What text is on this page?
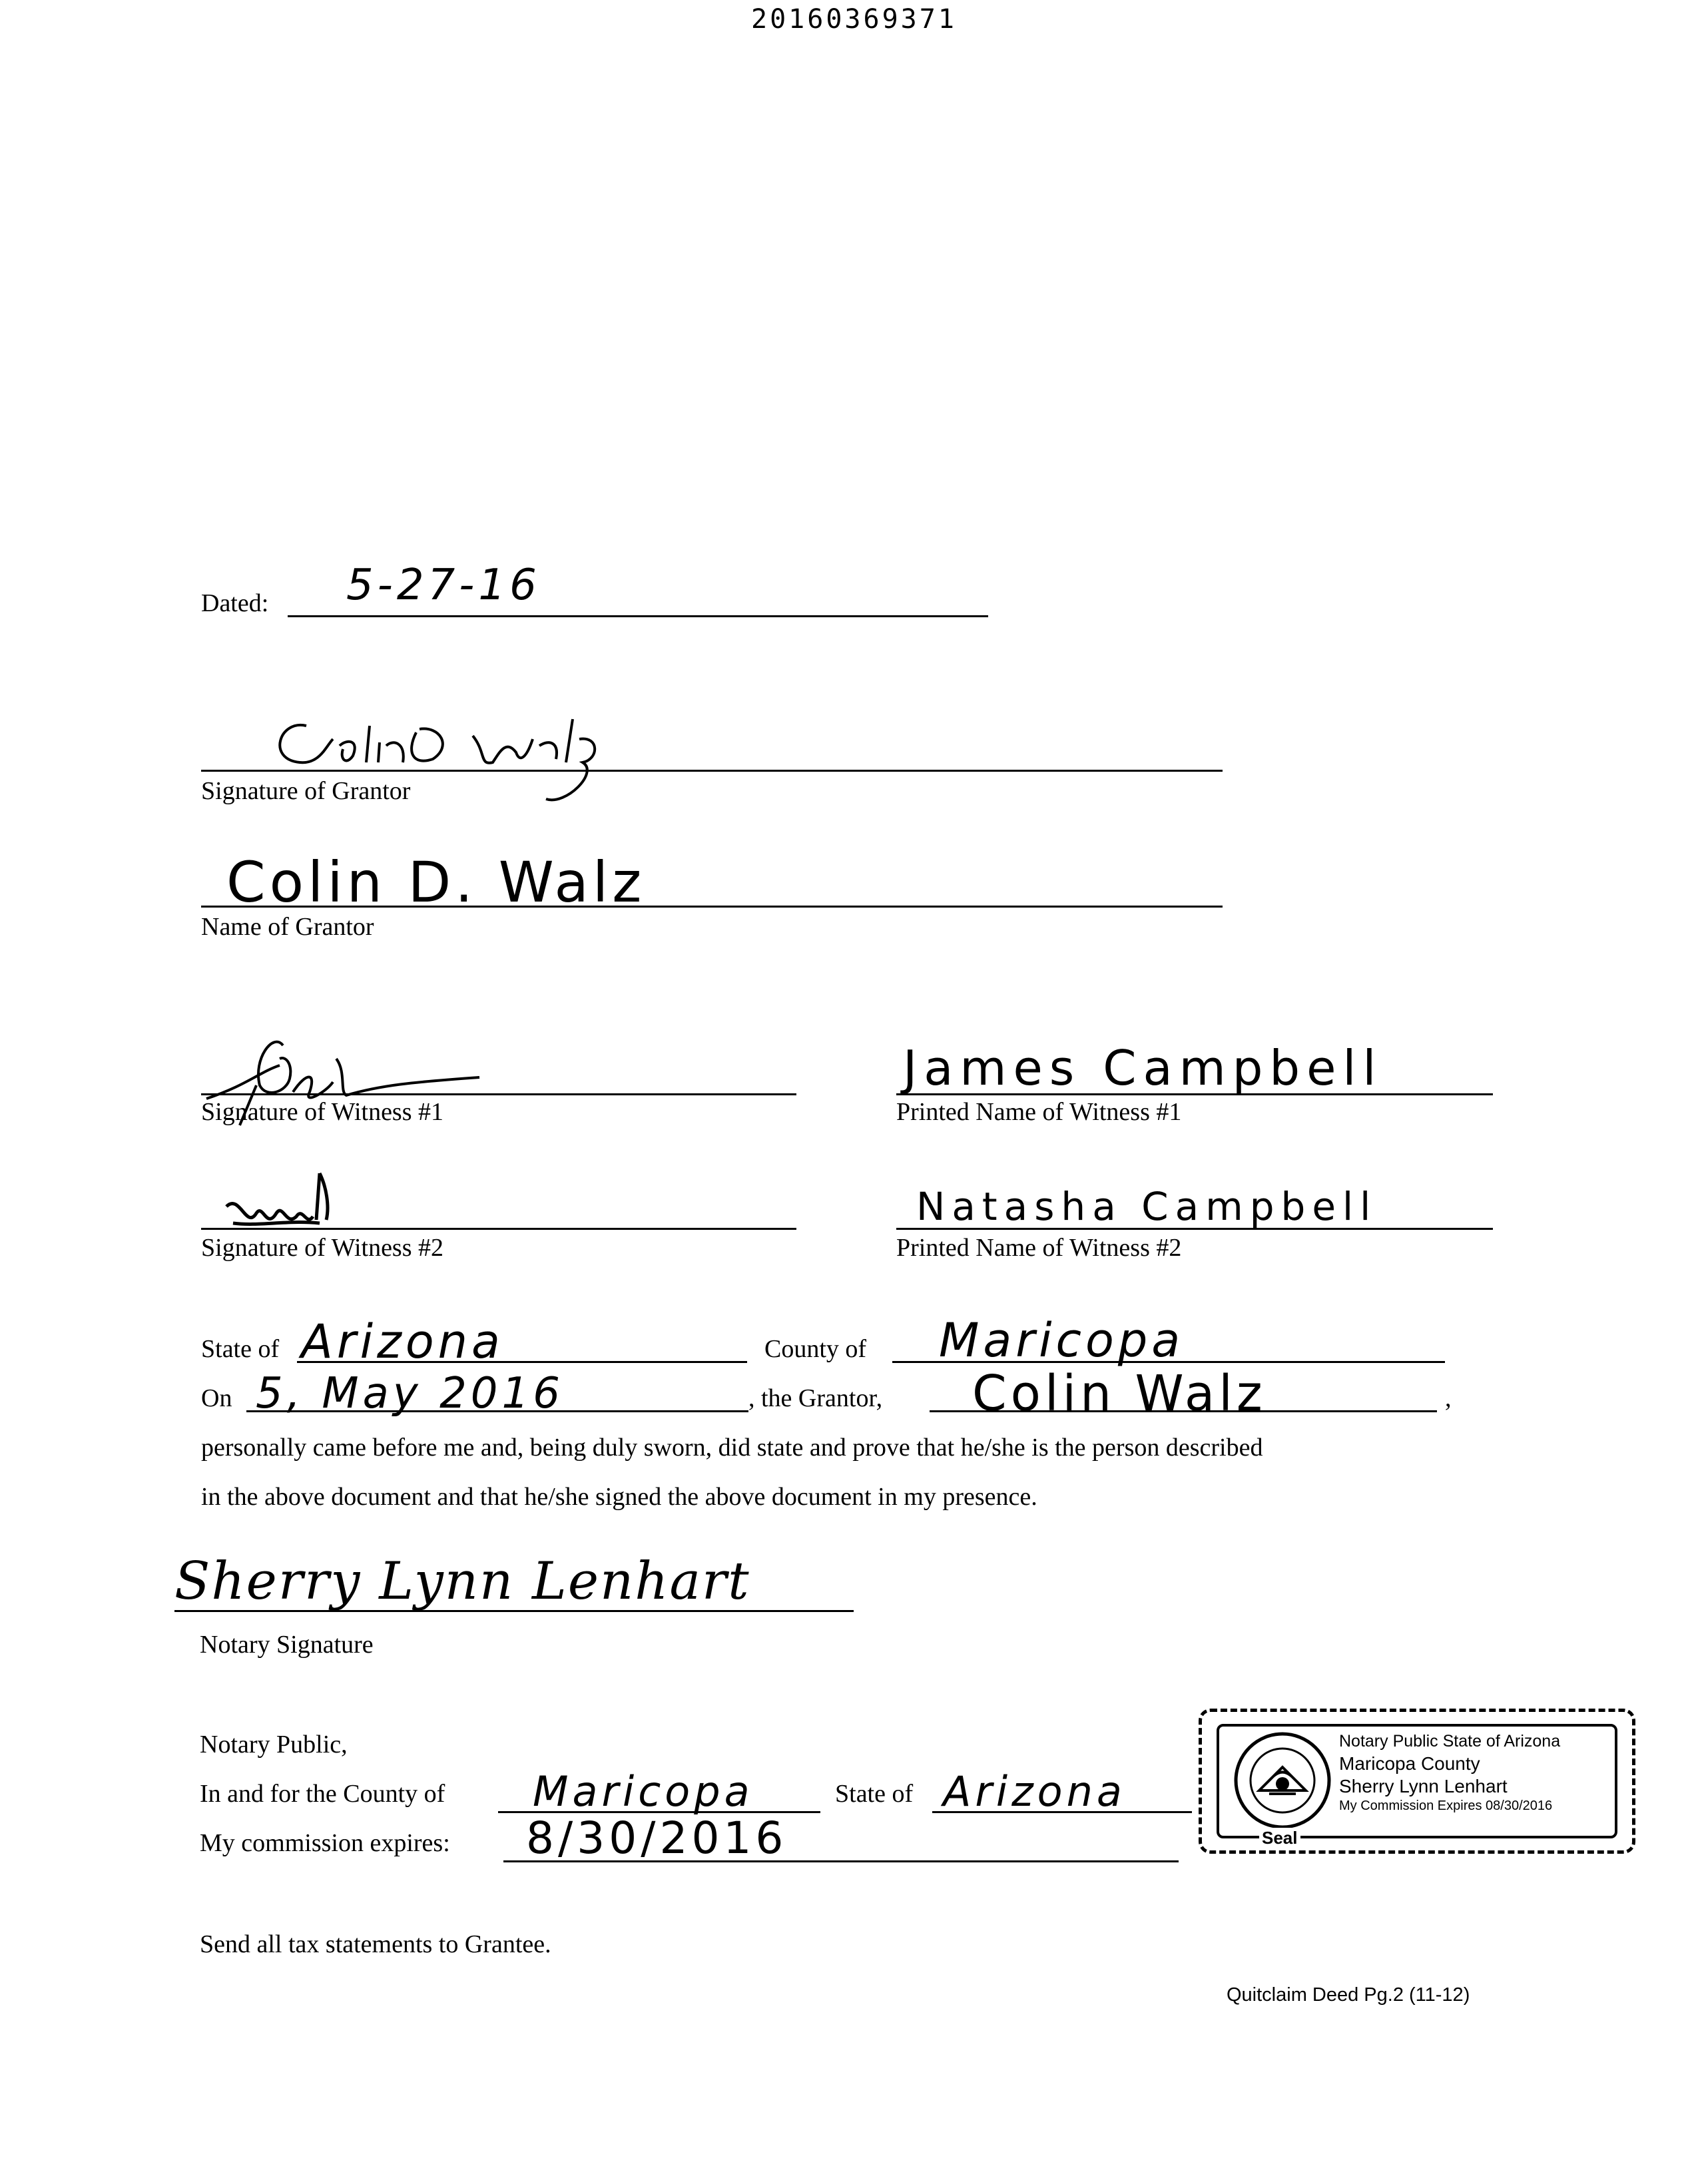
20160369371
Dated: 5-27-16
Signature of Grantor
Colin D. Walz
Name of Grantor
Signature of Witness #1
James Campbell
Printed Name of Witness #1
Signature of Witness #2
Natasha Campbell
Printed Name of Witness #2
State of Arizona	County of Maricopa
On 5, May 2016	, the Grantor, Colin Walz	,
personally came before me and, being duly sworn, did state and prove that he/she is the person described
in the above document and that he/she signed the above document in my presence.
Sherry Lynn Lenhart
Notary Signature
Notary Public,
In and for the County of Maricopa	State of Arizona
My commission expires: 8/30/2016
Notary Public State of Arizona
Maricopa County
Sherry Lynn Lenhart
My Commission Expires 08/30/2016
Seal
Send all tax statements to Grantee.
Quitclaim Deed Pg.2 (11-12)
